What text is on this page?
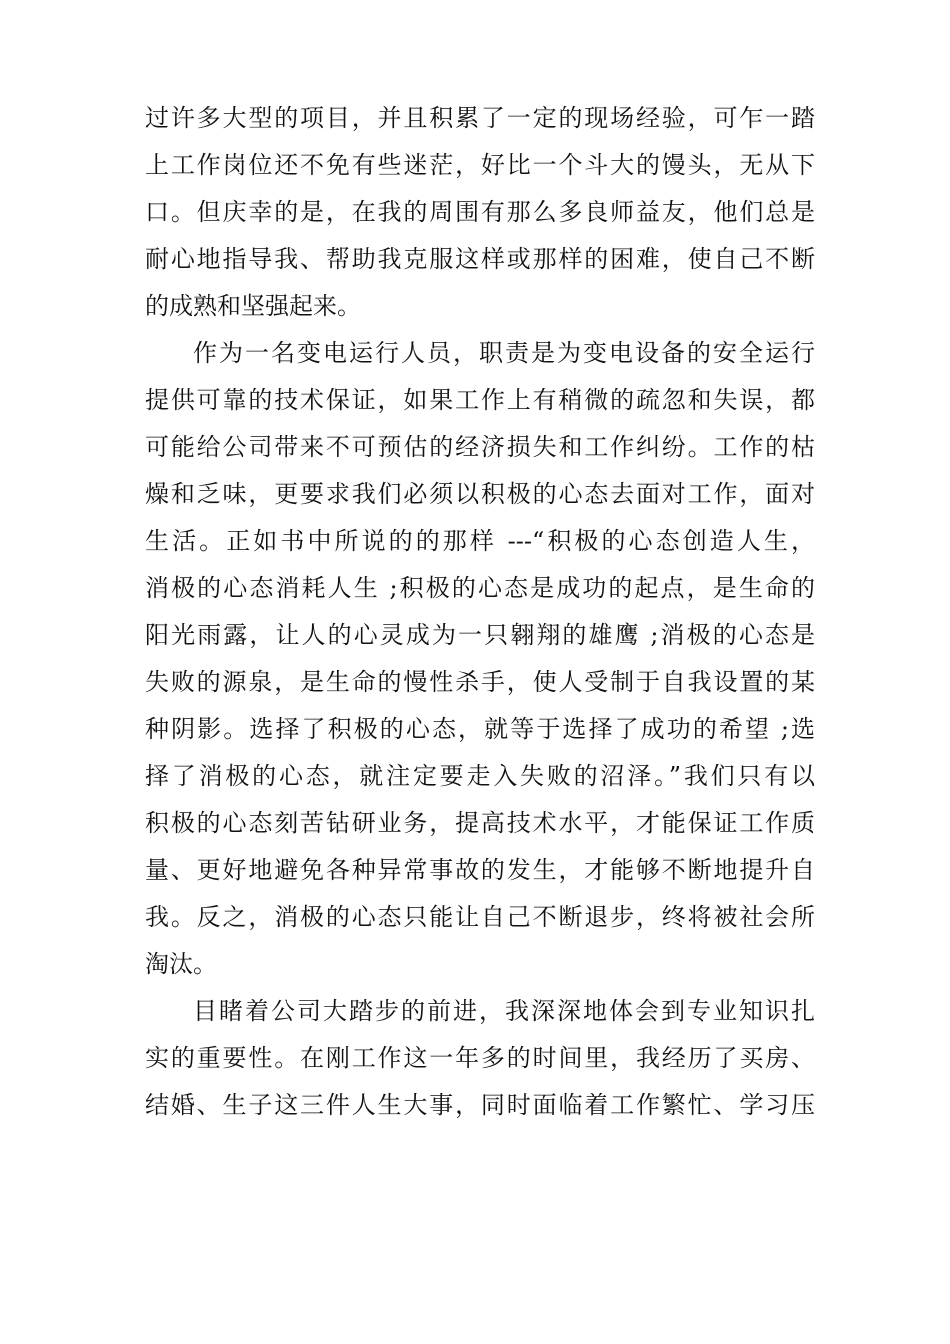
过许多大型的项目，并且积累了一定的现场经验，可乍一踏
上工作岗位还不免有些迷茫，好比一个斗大的馒头，无从下
口。但庆幸的是，在我的周围有那么多良师益友，他们总是
耐心地指导我、帮助我克服这样或那样的困难，使自己不断
的成熟和坚强起来。
作为一名变电运行人员，职责是为变电设备的安全运行
提供可靠的技术保证，如果工作上有稍微的疏忽和失误，都
可能给公司带来不可预估的经济损失和工作纠纷。工作的枯
燥和乏味，更要求我们必须以积极的心态去面对工作，面对
生活。正如书中所说的的那样 ---“积极的心态创造人生，
消极的心态消耗人生 ;积极的心态是成功的起点，是生命的
阳光雨露，让人的心灵成为一只翱翔的雄鹰 ;消极的心态是
失败的源泉，是生命的慢性杀手，使人受制于自我设置的某
种阴影。选择了积极的心态，就等于选择了成功的希望 ;选
择了消极的心态，就注定要走入失败的沼泽。”我们只有以
积极的心态刻苦钻研业务，提高技术水平，才能保证工作质
量、更好地避免各种异常事故的发生，才能够不断地提升自
我。反之，消极的心态只能让自己不断退步，终将被社会所
淘汰。
目睹着公司大踏步的前进，我深深地体会到专业知识扎
实的重要性。在刚工作这一年多的时间里，我经历了买房、
结婚、生子这三件人生大事，同时面临着工作繁忙、学习压
